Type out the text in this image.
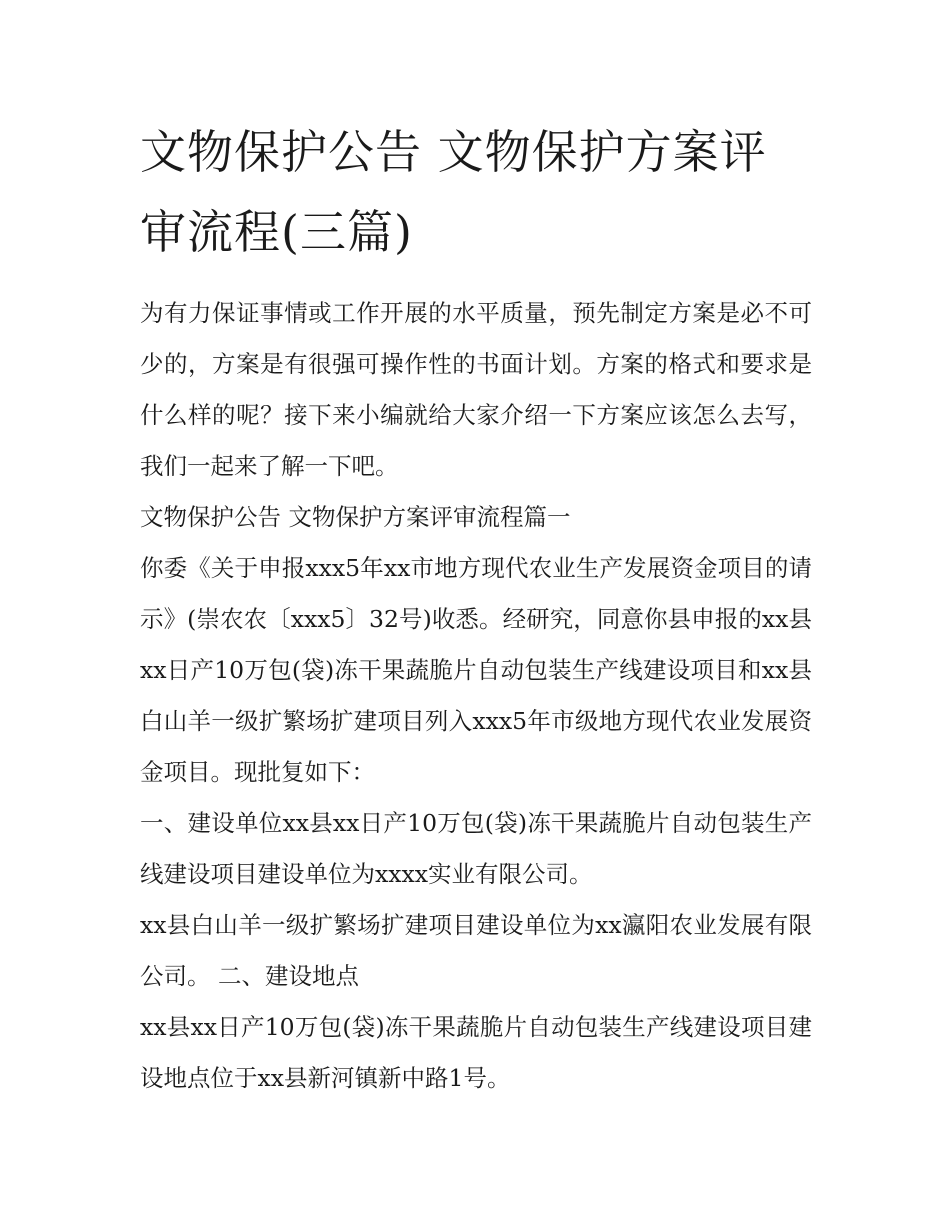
文物保护公告 文物保护方案评审流程(三篇)

为有力保证事情或工作开展的水平质量，预先制定方案是必不可少的，方案是有很强可操作性的书面计划。方案的格式和要求是什么样的呢？接下来小编就给大家介绍一下方案应该怎么去写，我们一起来了解一下吧。

文物保护公告 文物保护方案评审流程篇一

你委《关于申报xxx5年xx市地方现代农业生产发展资金项目的请示》(崇农农〔xxx5〕32号)收悉。经研究，同意你县申报的xx县xx日产10万包(袋)冻干果蔬脆片自动包装生产线建设项目和xx县白山羊一级扩繁场扩建项目列入xxx5年市级地方现代农业发展资金项目。现批复如下：

一、建设单位xx县xx日产10万包(袋)冻干果蔬脆片自动包装生产线建设项目建设单位为xxxx实业有限公司。

xx县白山羊一级扩繁场扩建项目建设单位为xx瀛阳农业发展有限公司。 二、建设地点

xx县xx日产10万包(袋)冻干果蔬脆片自动包装生产线建设项目建设地点位于xx县新河镇新中路1号。
